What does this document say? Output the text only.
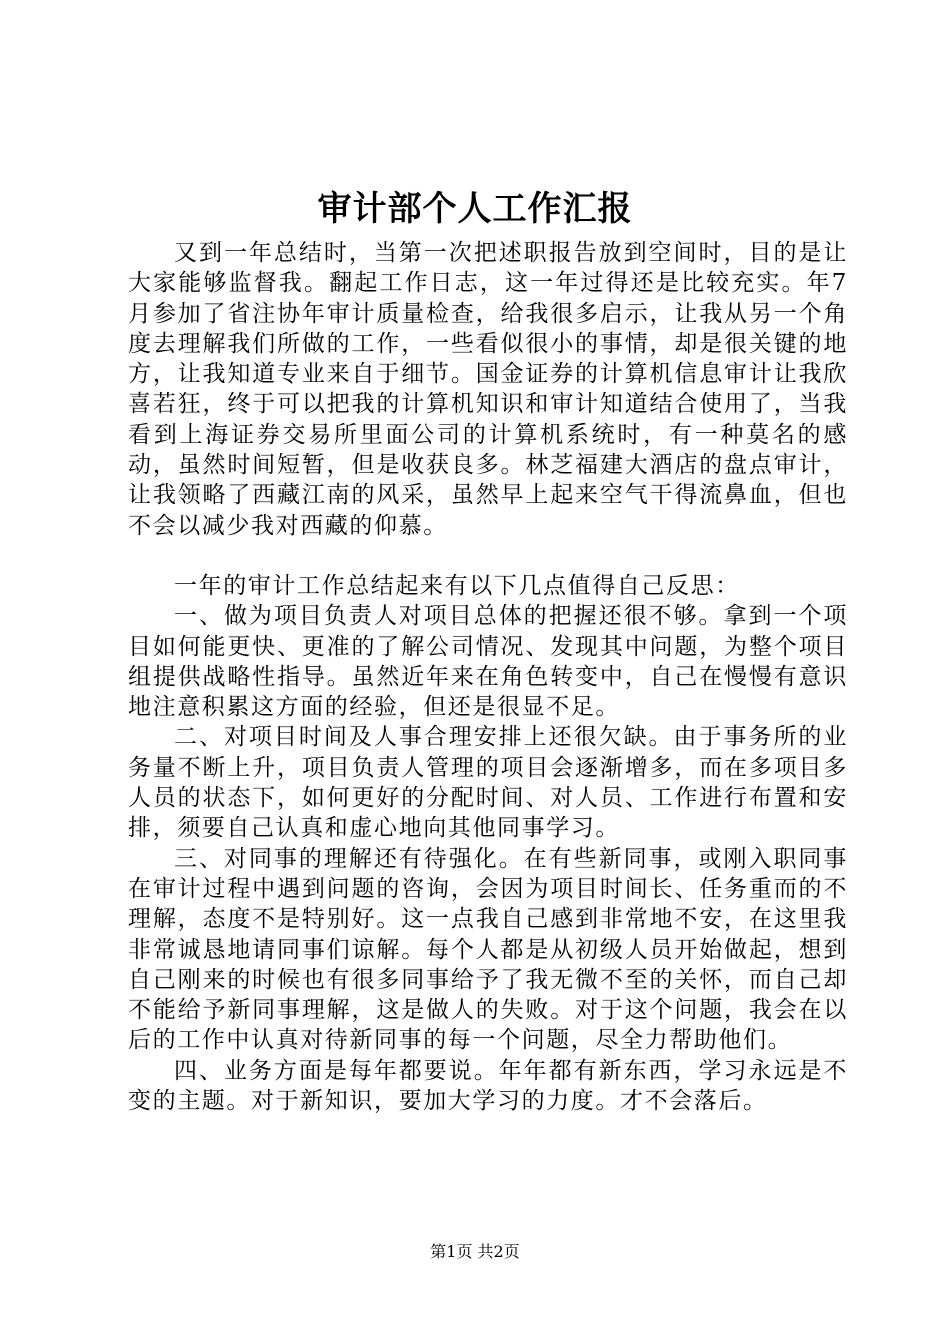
审计部个人工作汇报

又到一年总结时，当第一次把述职报告放到空间时，目的是让大家能够监督我。翻起工作日志，这一年过得还是比较充实。年7月参加了省注协年审计质量检查，给我很多启示，让我从另一个角度去理解我们所做的工作，一些看似很小的事情，却是很关键的地方，让我知道专业来自于细节。国金证券的计算机信息审计让我欣喜若狂，终于可以把我的计算机知识和审计知道结合使用了，当我看到上海证券交易所里面公司的计算机系统时，有一种莫名的感动，虽然时间短暂，但是收获良多。林芝福建大酒店的盘点审计，让我领略了西藏江南的风采，虽然早上起来空气干得流鼻血，但也不会以减少我对西藏的仰慕。

一年的审计工作总结起来有以下几点值得自己反思：

一、做为项目负责人对项目总体的把握还很不够。拿到一个项目如何能更快、更准的了解公司情况、发现其中问题，为整个项目组提供战略性指导。虽然近年来在角色转变中，自己在慢慢有意识地注意积累这方面的经验，但还是很显不足。

二、对项目时间及人事合理安排上还很欠缺。由于事务所的业务量不断上升，项目负责人管理的项目会逐渐增多，而在多项目多人员的状态下，如何更好的分配时间、对人员、工作进行布置和安排，须要自己认真和虚心地向其他同事学习。

三、对同事的理解还有待强化。在有些新同事，或刚入职同事在审计过程中遇到问题的咨询，会因为项目时间长、任务重而的不理解，态度不是特别好。这一点我自己感到非常地不安，在这里我非常诚恳地请同事们谅解。每个人都是从初级人员开始做起，想到自己刚来的时候也有很多同事给予了我无微不至的关怀，而自己却不能给予新同事理解，这是做人的失败。对于这个问题，我会在以后的工作中认真对待新同事的每一个问题，尽全力帮助他们。

四、业务方面是每年都要说。年年都有新东西，学习永远是不变的主题。对于新知识，要加大学习的力度。才不会落后。

第1页 共2页
